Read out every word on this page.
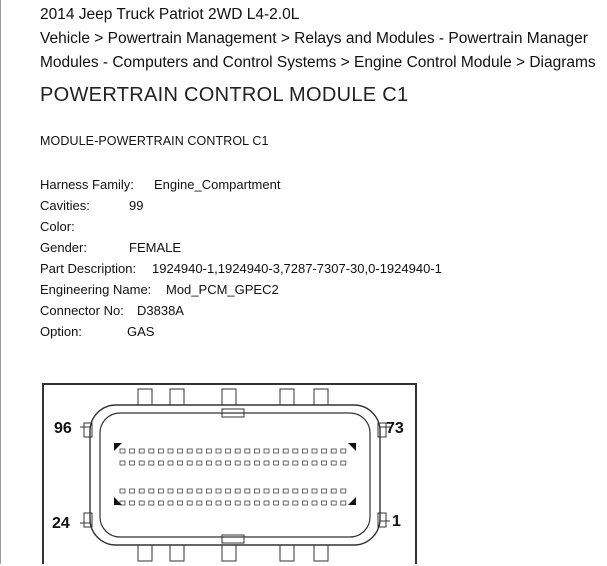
2014 Jeep Truck Patriot 2WD L4-2.0L
Vehicle > Powertrain Management > Relays and Modules - Powertrain Manager
Modules - Computers and Control Systems > Engine Control Module > Diagrams
POWERTRAIN CONTROL MODULE C1
MODULE-POWERTRAIN CONTROL C1
Harness Family:	Engine_Compartment
Cavities:	99
Color:
Gender:	FEMALE
Part Description:	1924940-1,1924940-3,7287-7307-30,0-1924940-1
Engineering Name:	Mod_PCM_GPEC2
Connector No:	D3838A
Option:	GAS
96	73
24	1
